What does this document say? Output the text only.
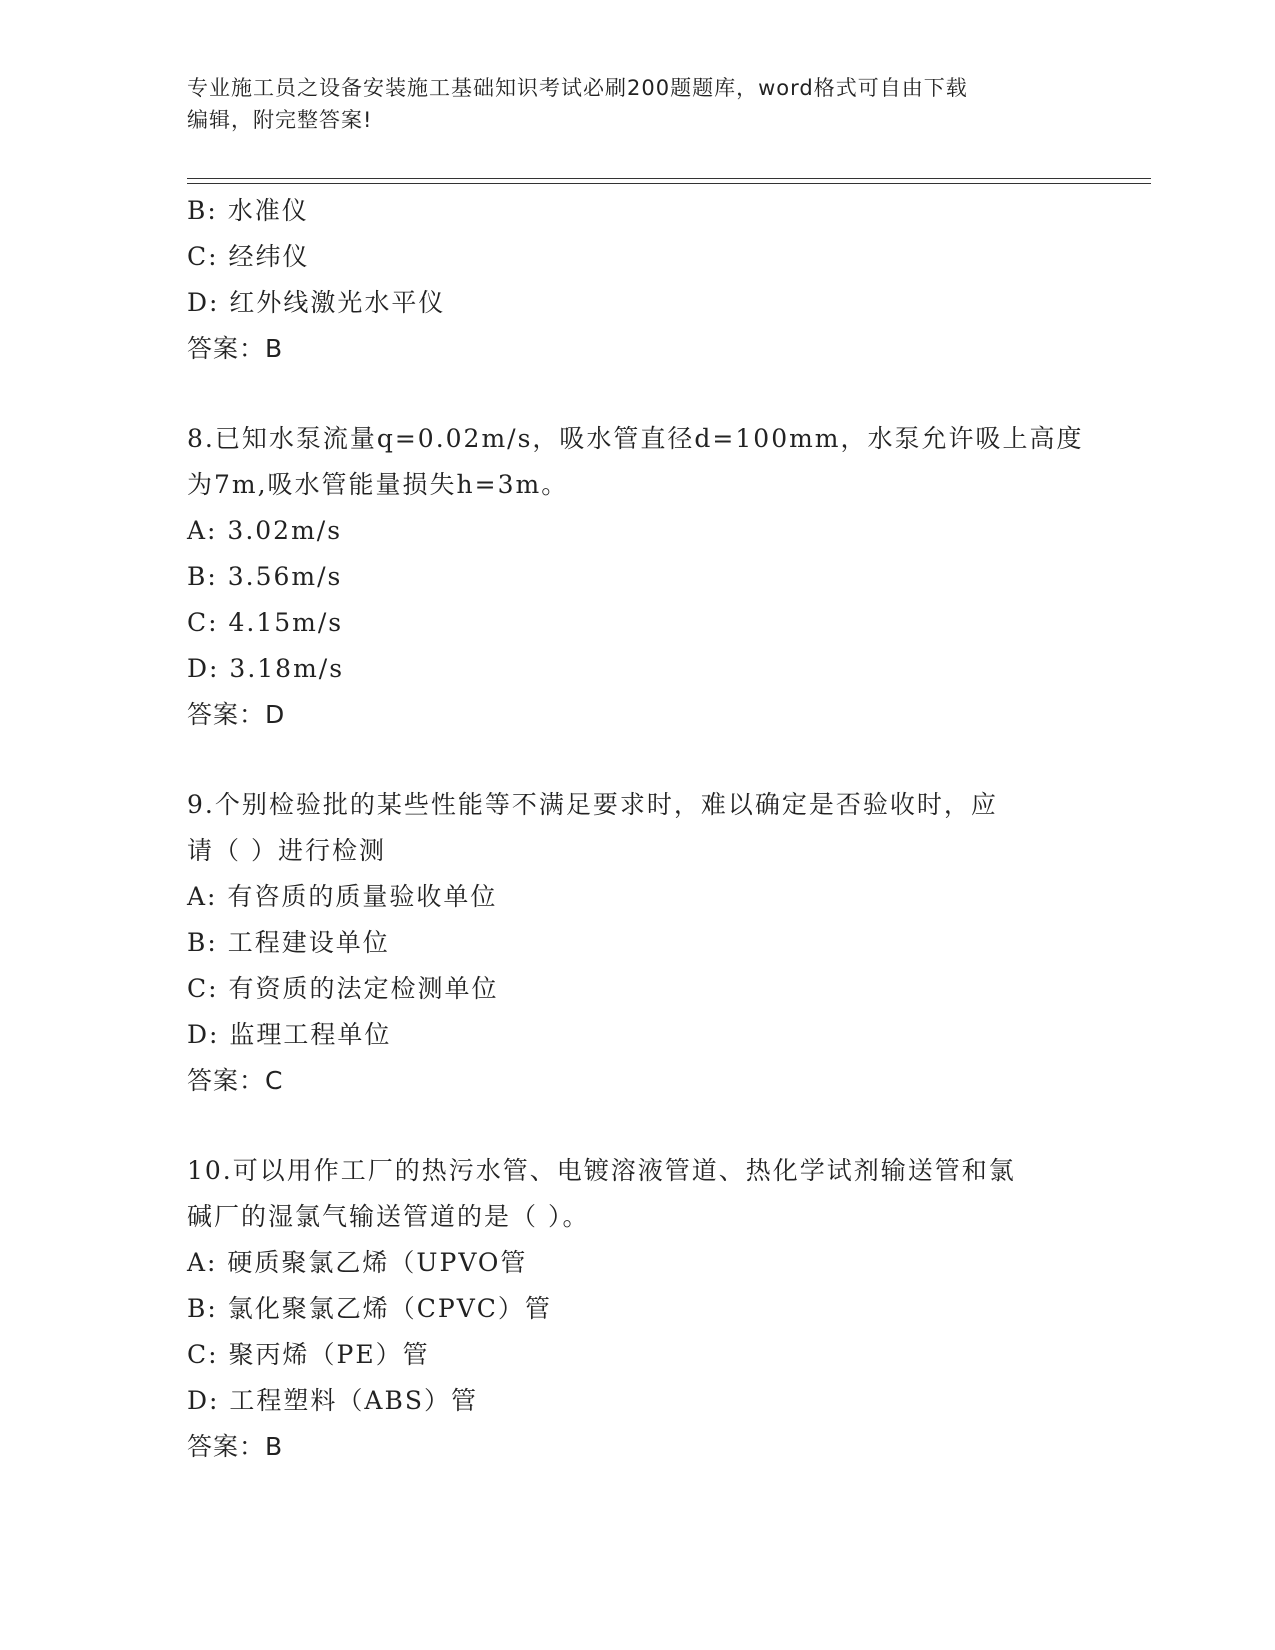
专业施工员之设备安装施工基础知识考试必刷200题题库，word格式可自由下载
编辑，附完整答案!
B: 水准仪
C: 经纬仪
D: 红外线激光水平仪
答案：B
8.已知水泵流量q=0.02m/s，吸水管直径d=100mm，水泵允许吸上高度
为7m,吸水管能量损失h=3m。
A: 3.02m/s
B: 3.56m/s
C: 4.15m/s
D: 3.18m/s
答案：D
9.个别检验批的某些性能等不满足要求时，难以确定是否验收时，应
请（ ）进行检测
A: 有咨质的质量验收单位
B: 工程建设单位
C: 有资质的法定检测单位
D: 监理工程单位
答案：C
10.可以用作工厂的热污水管、电镀溶液管道、热化学试剂输送管和氯
碱厂的湿氯气输送管道的是（ ）。
A: 硬质聚氯乙烯（UPVO管
B: 氯化聚氯乙烯（CPVC）管
C: 聚丙烯（PE）管
D: 工程塑料（ABS）管
答案：B
